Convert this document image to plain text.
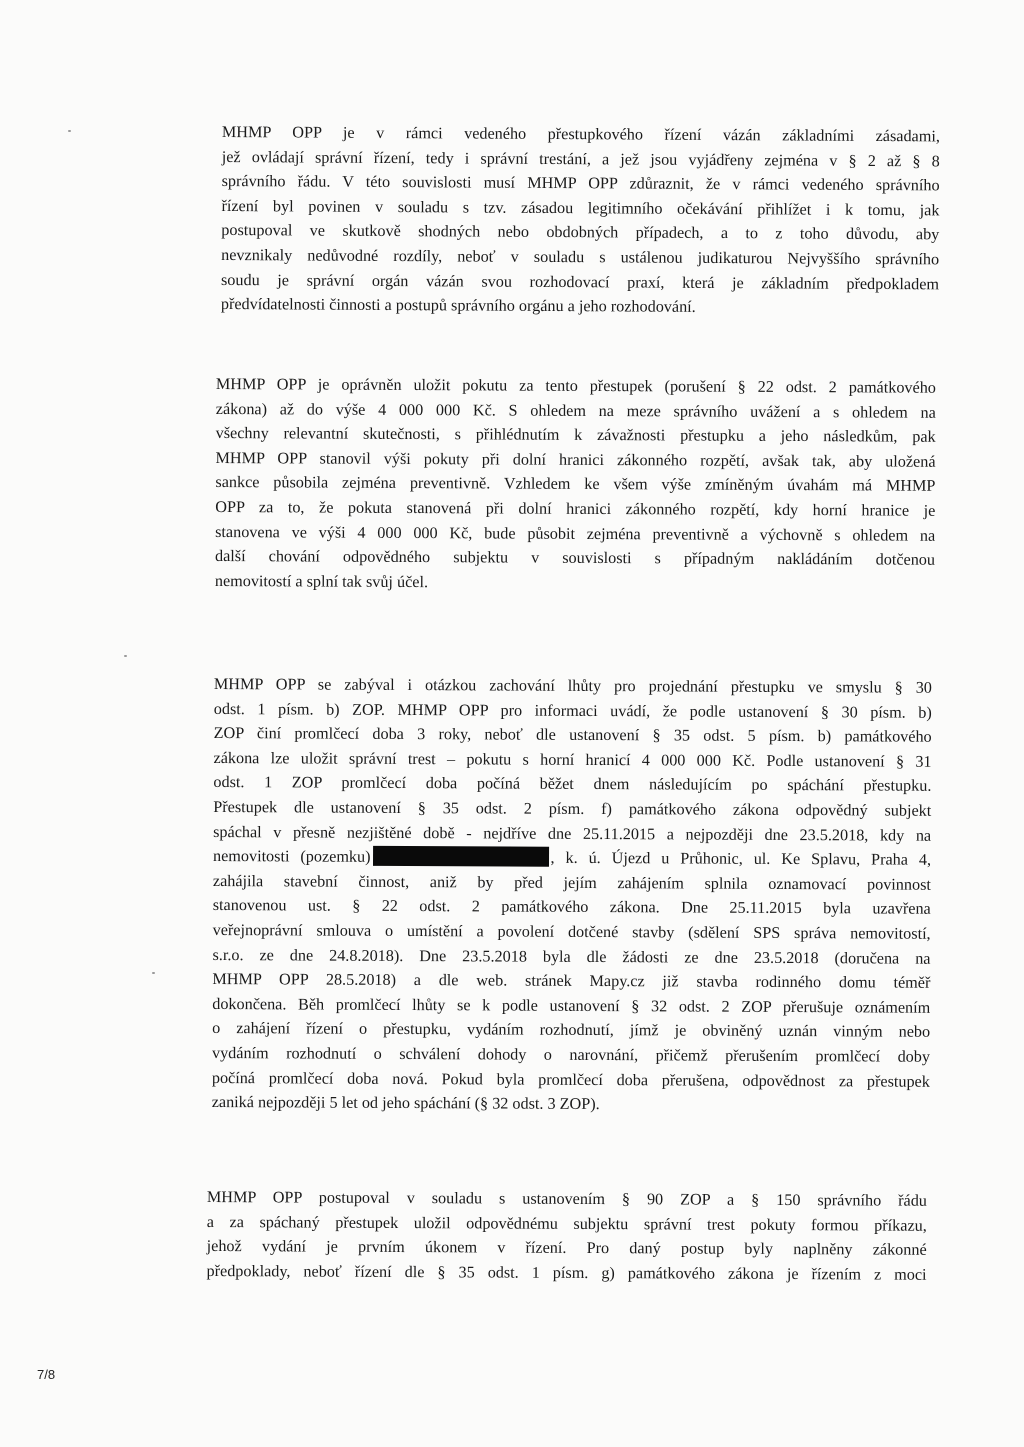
MHMP OPP je v rámci vedeného přestupkového řízení vázán základními zásadami,
jež ovládají správní řízení, tedy i správní trestání, a jež jsou vyjádřeny zejména v § 2 až § 8
správního řádu. V této souvislosti musí MHMP OPP zdůraznit, že v rámci vedeného správního
řízení byl povinen v souladu s tzv. zásadou legitimního očekávání přihlížet i k tomu, jak
postupoval ve skutkově shodných nebo obdobných případech, a to z toho důvodu, aby
nevznikaly nedůvodné rozdíly, neboť v souladu s ustálenou judikaturou Nejvyššího správního
soudu je správní orgán vázán svou rozhodovací praxí, která je základním předpokladem
předvídatelnosti činnosti a postupů správního orgánu a jeho rozhodování.
MHMP OPP je oprávněn uložit pokutu za tento přestupek (porušení § 22 odst. 2 památkového
zákona) až do výše 4 000 000 Kč. S ohledem na meze správního uvážení a s ohledem na
všechny relevantní skutečnosti, s přihlédnutím k závažnosti přestupku a jeho následkům, pak
MHMP OPP stanovil výši pokuty při dolní hranici zákonného rozpětí, avšak tak, aby uložená
sankce působila zejména preventivně. Vzhledem ke všem výše zmíněným úvahám má MHMP
OPP za to, že pokuta stanovená při dolní hranici zákonného rozpětí, kdy horní hranice je
stanovena ve výši 4 000 000 Kč, bude působit zejména preventivně a výchovně s ohledem na
další chování odpovědného subjektu v souvislosti s případným nakládáním dotčenou
nemovitostí a splní tak svůj účel.
MHMP OPP se zabýval i otázkou zachování lhůty pro projednání přestupku ve smyslu § 30
odst. 1 písm. b) ZOP. MHMP OPP pro informaci uvádí, že podle ustanovení § 30 písm. b)
ZOP činí promlčecí doba 3 roky, neboť dle ustanovení § 35 odst. 5 písm. b) památkového
zákona lze uložit správní trest – pokutu s horní hranicí 4 000 000 Kč. Podle ustanovení § 31
odst. 1 ZOP promlčecí doba počíná běžet dnem následujícím po spáchání přestupku.
Přestupek dle ustanovení § 35 odst. 2 písm. f) památkového zákona odpovědný subjekt
spáchal v přesně nezjištěné době - nejdříve dne 25.11.2015 a nejpozději dne 23.5.2018, kdy na
nemovitosti (pozemku)	, k. ú. Újezd u Průhonic, ul. Ke Splavu, Praha 4,
zahájila stavební činnost, aniž by před jejím zahájením splnila oznamovací povinnost
stanovenou ust. § 22 odst. 2 památkového zákona. Dne 25.11.2015 byla uzavřena
veřejnoprávní smlouva o umístění a povolení dotčené stavby (sdělení SPS správa nemovitostí,
s.r.o. ze dne 24.8.2018). Dne 23.5.2018 byla dle žádosti ze dne 23.5.2018 (doručena na
MHMP OPP 28.5.2018) a dle web. stránek Mapy.cz již stavba rodinného domu téměř
dokončena. Běh promlčecí lhůty se k podle ustanovení § 32 odst. 2 ZOP přerušuje oznámením
o zahájení řízení o přestupku, vydáním rozhodnutí, jímž je obviněný uznán vinným nebo
vydáním rozhodnutí o schválení dohody o narovnání, přičemž přerušením promlčecí doby
počíná promlčecí doba nová. Pokud byla promlčecí doba přerušena, odpovědnost za přestupek
zaniká nejpozději 5 let od jeho spáchání (§ 32 odst. 3 ZOP).
MHMP OPP postupoval v souladu s ustanovením § 90 ZOP a § 150 správního řádu
a za spáchaný přestupek uložil odpovědnému subjektu správní trest pokuty formou příkazu,
jehož vydání je prvním úkonem v řízení. Pro daný postup byly naplněny zákonné
předpoklady, neboť řízení dle § 35 odst. 1 písm. g) památkového zákona je řízením z moci
7/8
